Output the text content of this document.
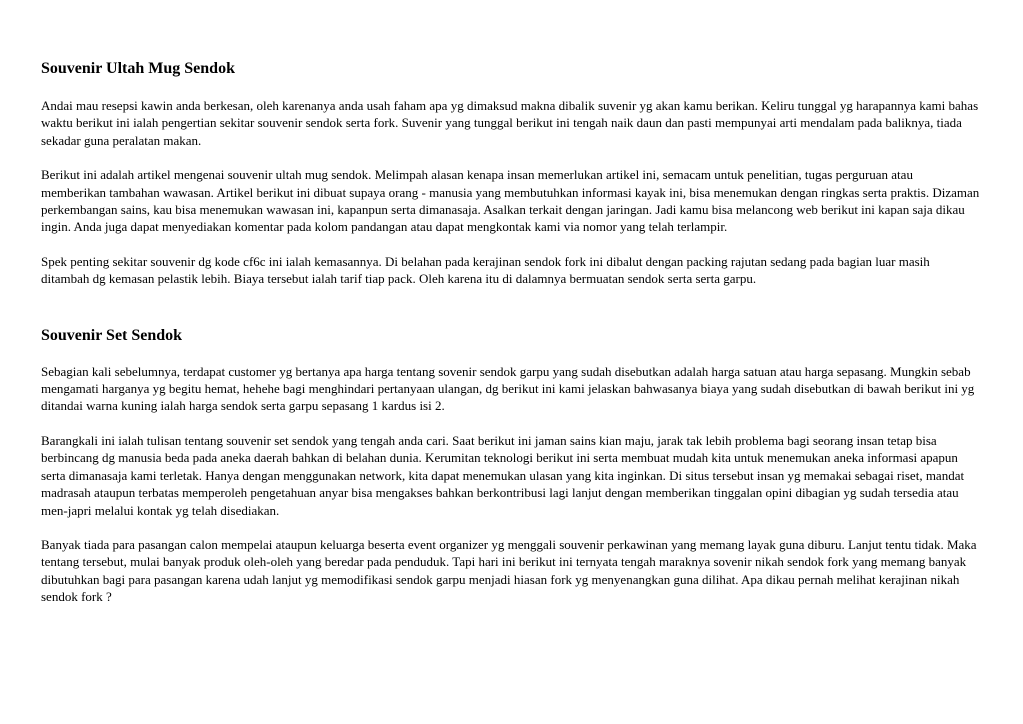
Souvenir Ultah Mug Sendok

Andai mau resepsi kawin anda berkesan, oleh karenanya anda usah faham apa yg dimaksud makna dibalik suvenir yg akan kamu berikan. Keliru tunggal yg harapannya kami bahas waktu berikut ini ialah pengertian sekitar souvenir sendok serta fork. Suvenir yang tunggal berikut ini tengah naik daun dan pasti mempunyai arti mendalam pada baliknya, tiada sekadar guna peralatan makan.

Berikut ini adalah artikel mengenai souvenir ultah mug sendok. Melimpah alasan kenapa insan memerlukan artikel ini, semacam untuk penelitian, tugas perguruan atau memberikan tambahan wawasan. Artikel berikut ini dibuat supaya orang - manusia yang membutuhkan informasi kayak ini, bisa menemukan dengan ringkas serta praktis. Dizaman perkembangan sains, kau bisa menemukan wawasan ini, kapanpun serta dimanasaja. Asalkan terkait dengan jaringan. Jadi kamu bisa melancong web berikut ini kapan saja dikau ingin. Anda juga dapat menyediakan komentar pada kolom pandangan atau dapat mengkontak kami via nomor yang telah terlampir.

Spek penting sekitar souvenir dg kode cf6c ini ialah kemasannya. Di belahan pada kerajinan sendok fork ini dibalut dengan packing rajutan sedang pada bagian luar masih ditambah dg kemasan pelastik lebih. Biaya tersebut ialah tarif tiap pack. Oleh karena itu di dalamnya bermuatan sendok serta serta garpu.

Souvenir Set Sendok

Sebagian kali sebelumnya, terdapat customer yg bertanya apa harga tentang sovenir sendok garpu yang sudah disebutkan adalah harga satuan atau harga sepasang. Mungkin sebab mengamati harganya yg begitu hemat, hehehe bagi menghindari pertanyaan ulangan, dg berikut ini kami jelaskan bahwasanya biaya yang sudah disebutkan di bawah berikut ini yg ditandai warna kuning ialah harga sendok serta garpu sepasang 1 kardus isi 2.

Barangkali ini ialah tulisan tentang souvenir set sendok yang tengah anda cari. Saat berikut ini jaman sains kian maju, jarak tak lebih problema bagi seorang insan tetap bisa berbincang dg manusia beda pada aneka daerah bahkan di belahan dunia. Kerumitan teknologi berikut ini serta membuat mudah kita untuk menemukan aneka informasi apapun serta dimanasaja kami terletak. Hanya dengan menggunakan network, kita dapat menemukan ulasan yang kita inginkan. Di situs tersebut insan yg memakai sebagai riset, mandat madrasah ataupun terbatas memperoleh pengetahuan anyar bisa mengakses bahkan berkontribusi lagi lanjut dengan memberikan tinggalan opini dibagian yg sudah tersedia atau men-japri melalui kontak yg telah disediakan.

Banyak tiada para pasangan calon mempelai ataupun keluarga beserta event organizer yg menggali souvenir perkawinan yang memang layak guna diburu. Lanjut tentu tidak. Maka tentang tersebut, mulai banyak produk oleh-oleh yang beredar pada penduduk. Tapi hari ini berikut ini ternyata tengah maraknya sovenir nikah sendok fork yang memang banyak dibutuhkan bagi para pasangan karena udah lanjut yg memodifikasi sendok garpu menjadi hiasan fork yg menyenangkan guna dilihat. Apa dikau pernah melihat kerajinan nikah sendok fork ?
